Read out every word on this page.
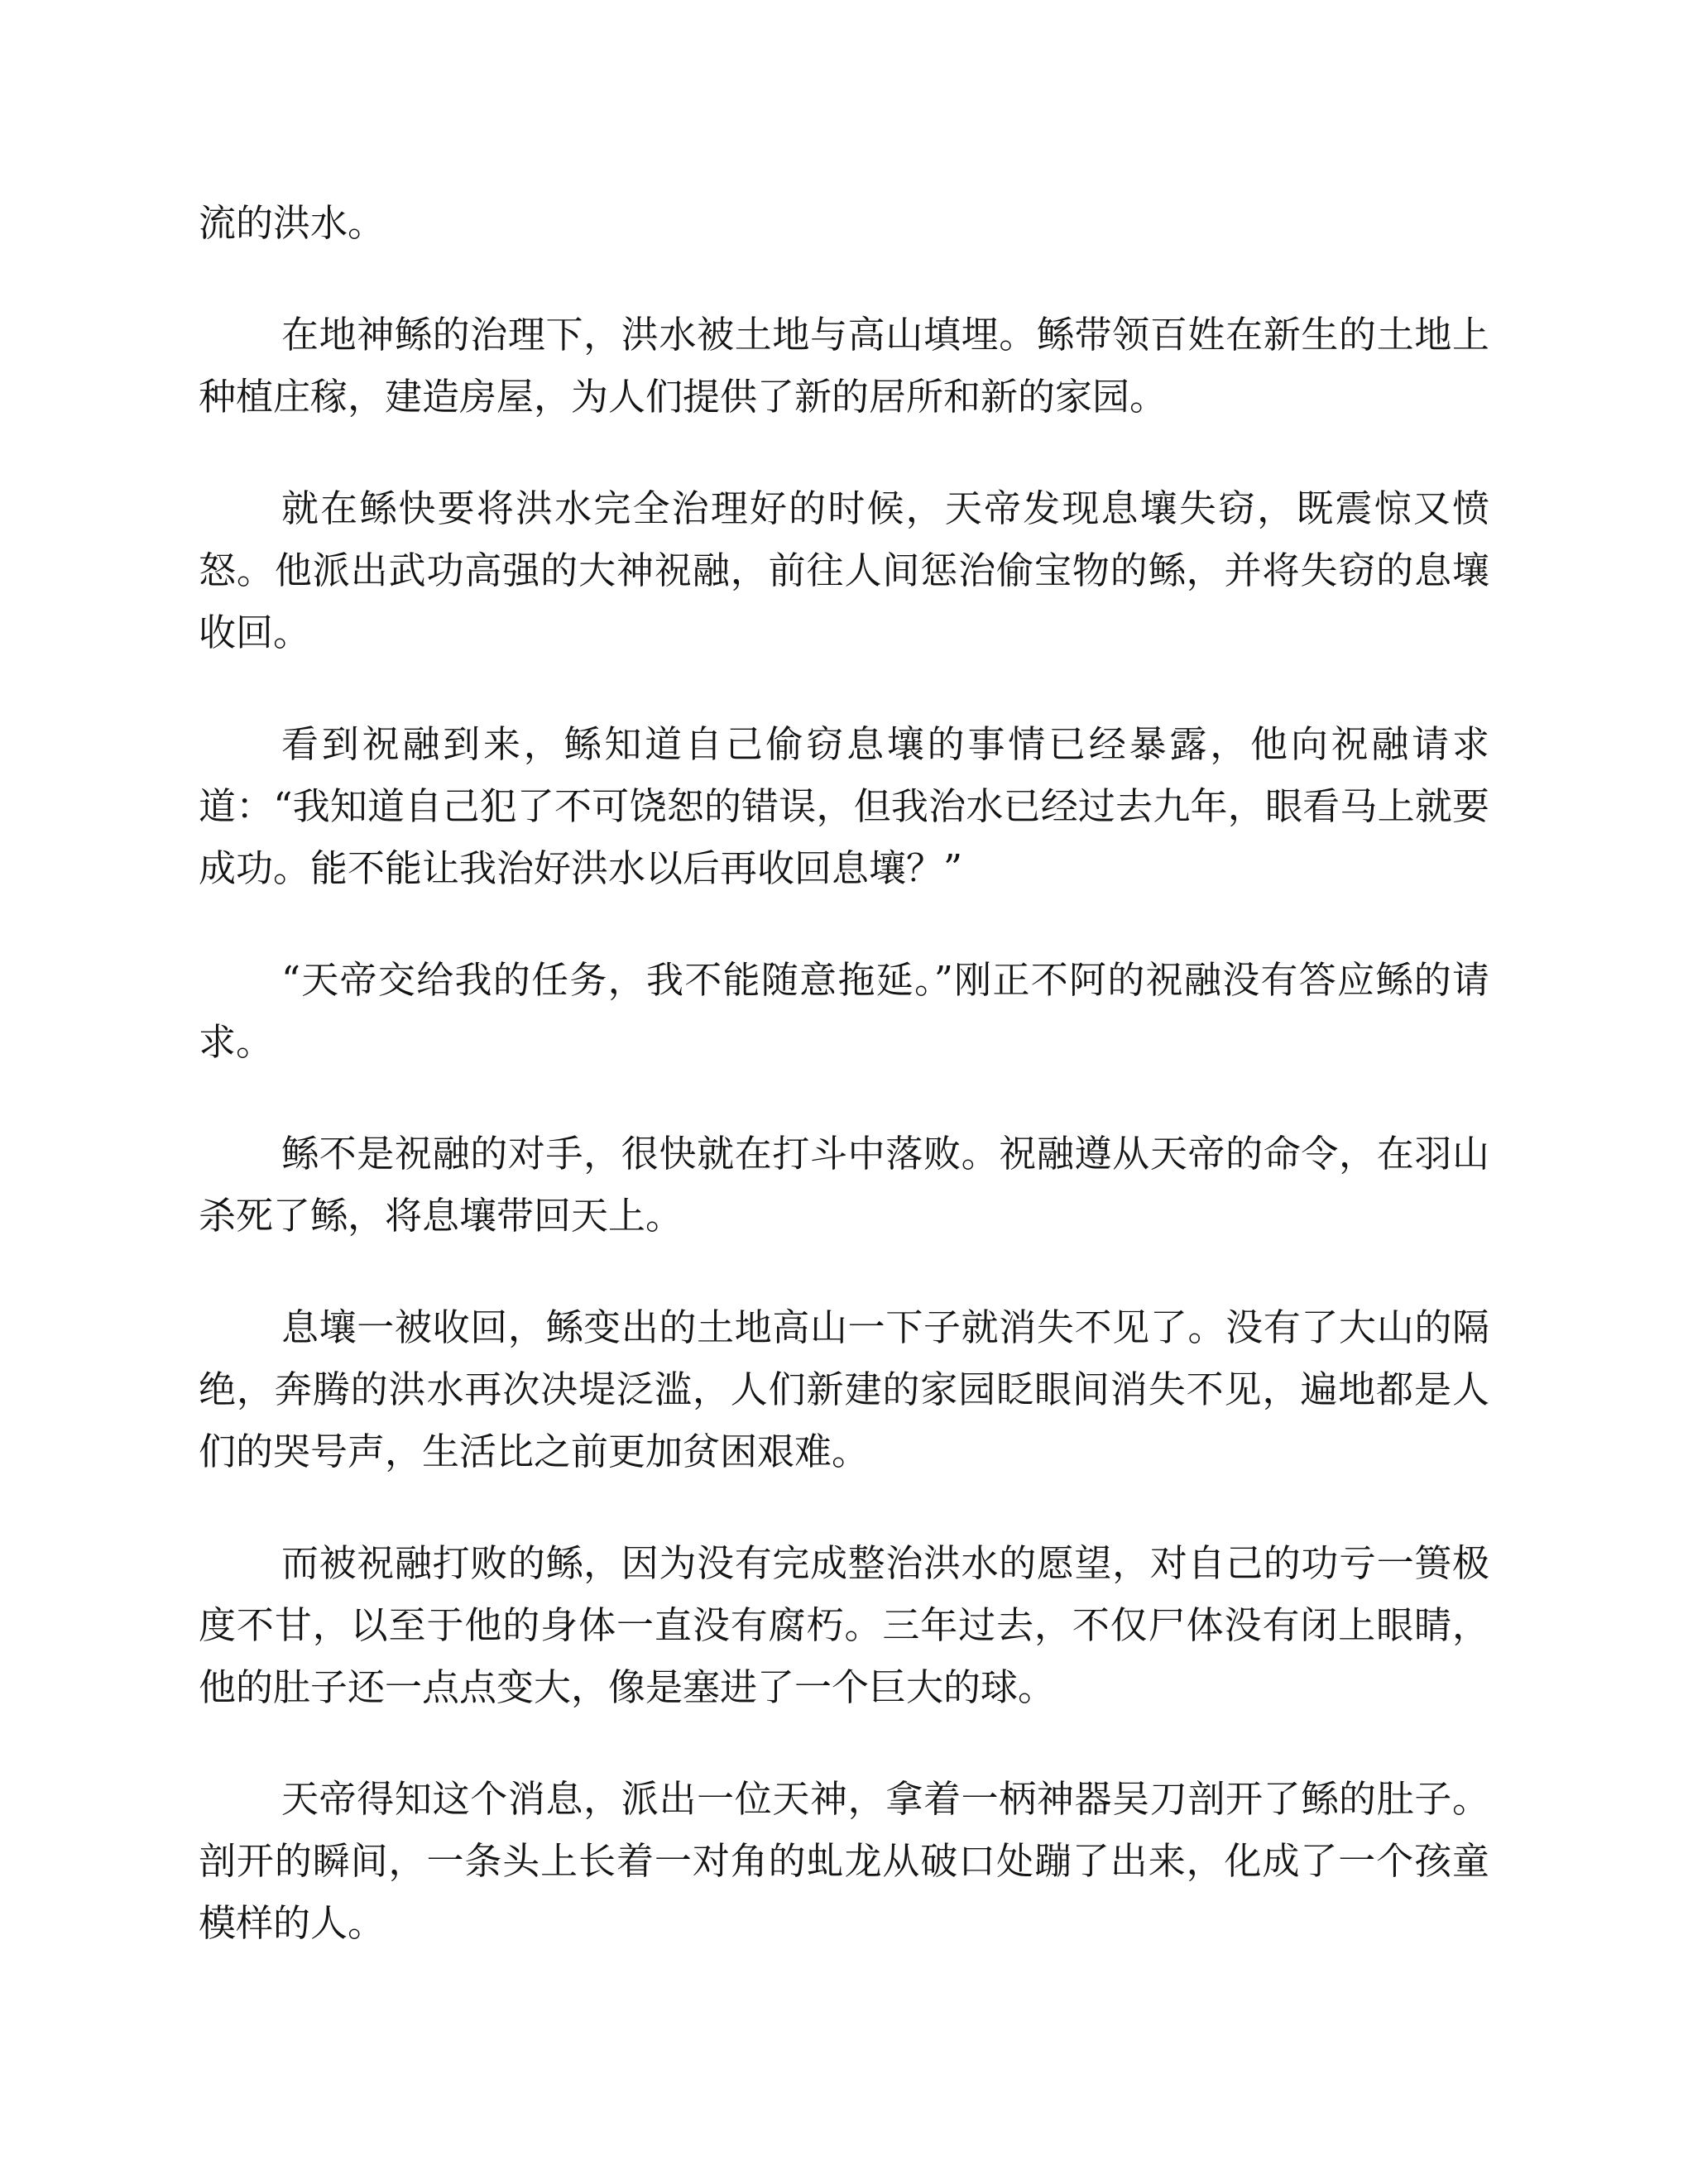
流的洪水。

在地神鲧的治理下，洪水被土地与高山填埋。鲧带领百姓在新生的土地上种植庄稼，建造房屋，为人们提供了新的居所和新的家园。

就在鲧快要将洪水完全治理好的时候，天帝发现息壤失窃，既震惊又愤怒。他派出武功高强的大神祝融，前往人间惩治偷宝物的鲧，并将失窃的息壤收回。

看到祝融到来，鲧知道自己偷窃息壤的事情已经暴露，他向祝融请求道：“我知道自己犯了不可饶恕的错误，但我治水已经过去九年，眼看马上就要成功。能不能让我治好洪水以后再收回息壤？”

“天帝交给我的任务，我不能随意拖延。”刚正不阿的祝融没有答应鲧的请求。

鲧不是祝融的对手，很快就在打斗中落败。祝融遵从天帝的命令，在羽山杀死了鲧，将息壤带回天上。

息壤一被收回，鲧变出的土地高山一下子就消失不见了。没有了大山的隔绝，奔腾的洪水再次决堤泛滥，人们新建的家园眨眼间消失不见，遍地都是人们的哭号声，生活比之前更加贫困艰难。

而被祝融打败的鲧，因为没有完成整治洪水的愿望，对自己的功亏一篑极度不甘，以至于他的身体一直没有腐朽。三年过去，不仅尸体没有闭上眼睛，他的肚子还一点点变大，像是塞进了一个巨大的球。

天帝得知这个消息，派出一位天神，拿着一柄神器吴刀剖开了鲧的肚子。剖开的瞬间，一条头上长着一对角的虬龙从破口处蹦了出来，化成了一个孩童模样的人。
